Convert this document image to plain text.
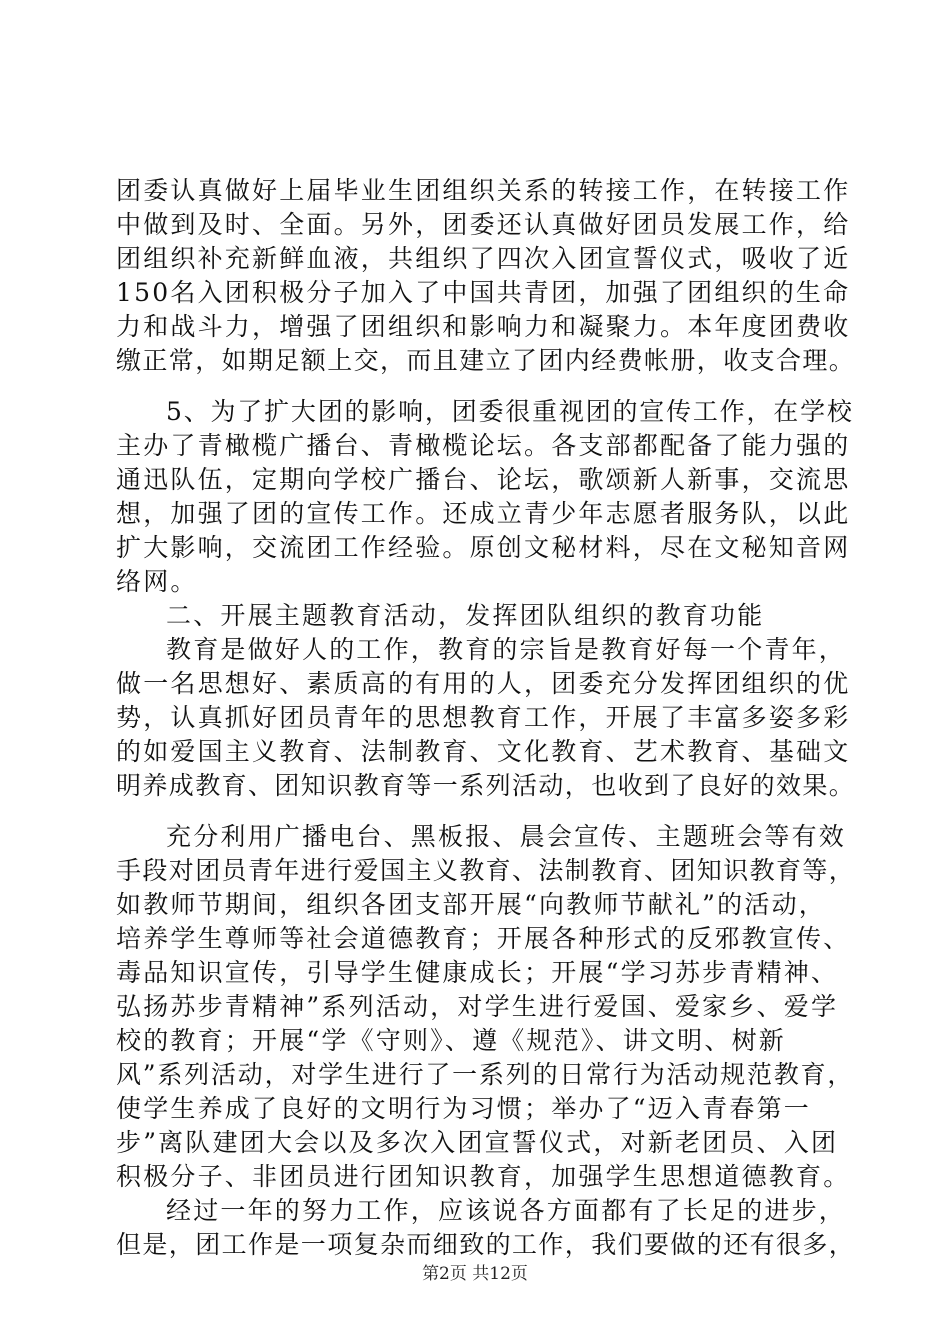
团委认真做好上届毕业生团组织关系的转接工作，在转接工作
中做到及时、全面。另外，团委还认真做好团员发展工作，给
团组织补充新鲜血液，共组织了四次入团宣誓仪式，吸收了近
150名入团积极分子加入了中国共青团，加强了团组织的生命
力和战斗力，增强了团组织和影响力和凝聚力。本年度团费收
缴正常，如期足额上交，而且建立了团内经费帐册，收支合理。
5、为了扩大团的影响，团委很重视团的宣传工作，在学校
主办了青橄榄广播台、青橄榄论坛。各支部都配备了能力强的
通迅队伍，定期向学校广播台、论坛，歌颂新人新事，交流思
想，加强了团的宣传工作。还成立青少年志愿者服务队，以此
扩大影响，交流团工作经验。原创文秘材料，尽在文秘知音网
络网。
二、开展主题教育活动，发挥团队组织的教育功能
教育是做好人的工作，教育的宗旨是教育好每一个青年，
做一名思想好、素质高的有用的人，团委充分发挥团组织的优
势，认真抓好团员青年的思想教育工作，开展了丰富多姿多彩
的如爱国主义教育、法制教育、文化教育、艺术教育、基础文
明养成教育、团知识教育等一系列活动，也收到了良好的效果。
充分利用广播电台、黑板报、晨会宣传、主题班会等有效
手段对团员青年进行爱国主义教育、法制教育、团知识教育等，
如教师节期间，组织各团支部开展“向教师节献礼”的活动，
培养学生尊师等社会道德教育；开展各种形式的反邪教宣传、
毒品知识宣传，引导学生健康成长；开展“学习苏步青精神、
弘扬苏步青精神”系列活动，对学生进行爱国、爱家乡、爱学
校的教育；开展“学《守则》、遵《规范》、讲文明、树新
风”系列活动，对学生进行了一系列的日常行为活动规范教育，
使学生养成了良好的文明行为习惯；举办了“迈入青春第一
步”离队建团大会以及多次入团宣誓仪式，对新老团员、入团
积极分子、非团员进行团知识教育，加强学生思想道德教育。
经过一年的努力工作，应该说各方面都有了长足的进步，
但是，团工作是一项复杂而细致的工作，我们要做的还有很多，
第2页 共12页
